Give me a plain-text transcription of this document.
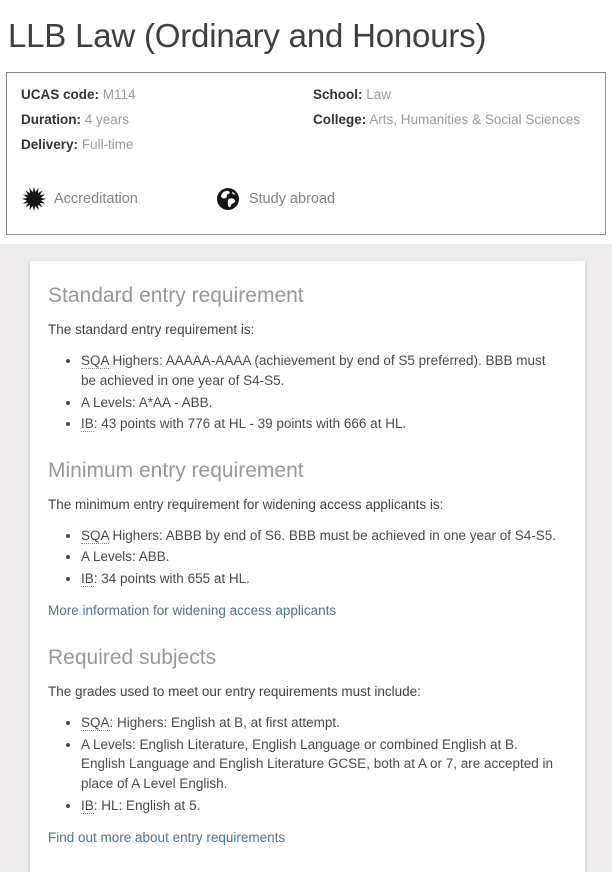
LLB Law (Ordinary and Honours)
UCAS code: M114
Duration: 4 years
Delivery: Full-time
School: Law
College: Arts, Humanities & Social Sciences
Accreditation	Study abroad
Standard entry requirement

The standard entry requirement is:

• SQA Highers: AAAAA-AAAA (achievement by end of S5 preferred). BBB must be achieved in one year of S4-S5.
• A Levels: A*AA - ABB.
• IB: 43 points with 776 at HL - 39 points with 666 at HL.
Minimum entry requirement

The minimum entry requirement for widening access applicants is:

• SQA Highers: ABBB by end of S6. BBB must be achieved in one year of S4-S5.
• A Levels: ABB.
• IB: 34 points with 655 at HL.
More information for widening access applicants
Required subjects

The grades used to meet our entry requirements must include:

• SQA: Highers: English at B, at first attempt.
• A Levels: English Literature, English Language or combined English at B. English Language and English Literature GCSE, both at A or 7, are accepted in place of A Level English.
• IB: HL: English at 5.
Find out more about entry requirements
